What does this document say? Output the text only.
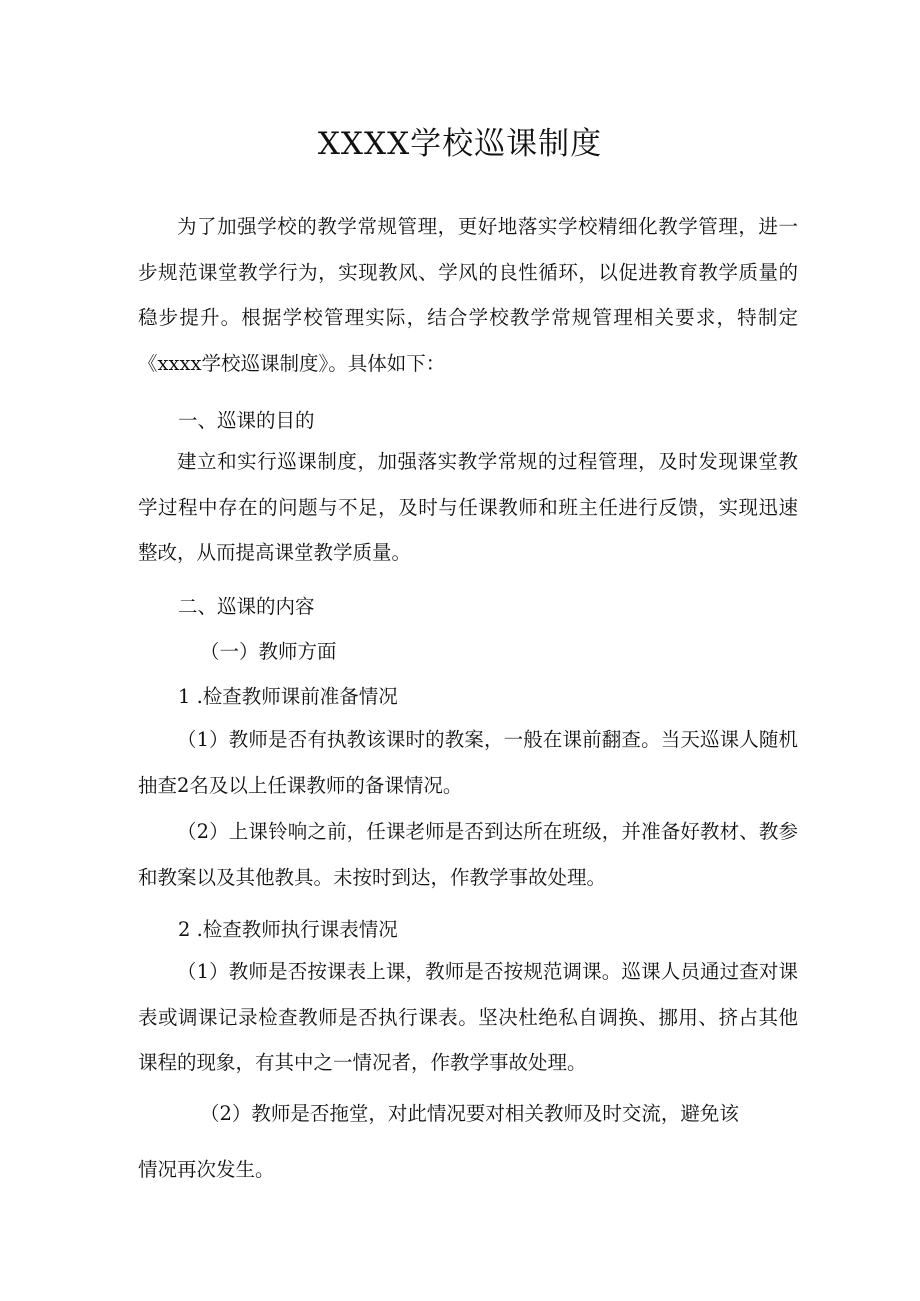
XXXX学校巡课制度

为了加强学校的教学常规管理，更好地落实学校精细化教学管理，进一步规范课堂教学行为，实现教风、学风的良性循环，以促进教育教学质量的稳步提升。根据学校管理实际，结合学校教学常规管理相关要求，特制定《xxxx学校巡课制度》。具体如下：

一、巡课的目的

建立和实行巡课制度，加强落实教学常规的过程管理，及时发现课堂教学过程中存在的问题与不足，及时与任课教师和班主任进行反馈，实现迅速整改，从而提高课堂教学质量。

二、巡课的内容

（一）教师方面

1 .检查教师课前准备情况

（1）教师是否有执教该课时的教案，一般在课前翻查。当天巡课人随机抽查2名及以上任课教师的备课情况。

（2）上课铃响之前，任课老师是否到达所在班级，并准备好教材、教参和教案以及其他教具。未按时到达，作教学事故处理。

2 .检查教师执行课表情况

（1）教师是否按课表上课，教师是否按规范调课。巡课人员通过查对课表或调课记录检查教师是否执行课表。坚决杜绝私自调换、挪用、挤占其他课程的现象，有其中之一情况者，作教学事故处理。

（2）教师是否拖堂，对此情况要对相关教师及时交流，避免该

情况再次发生。
